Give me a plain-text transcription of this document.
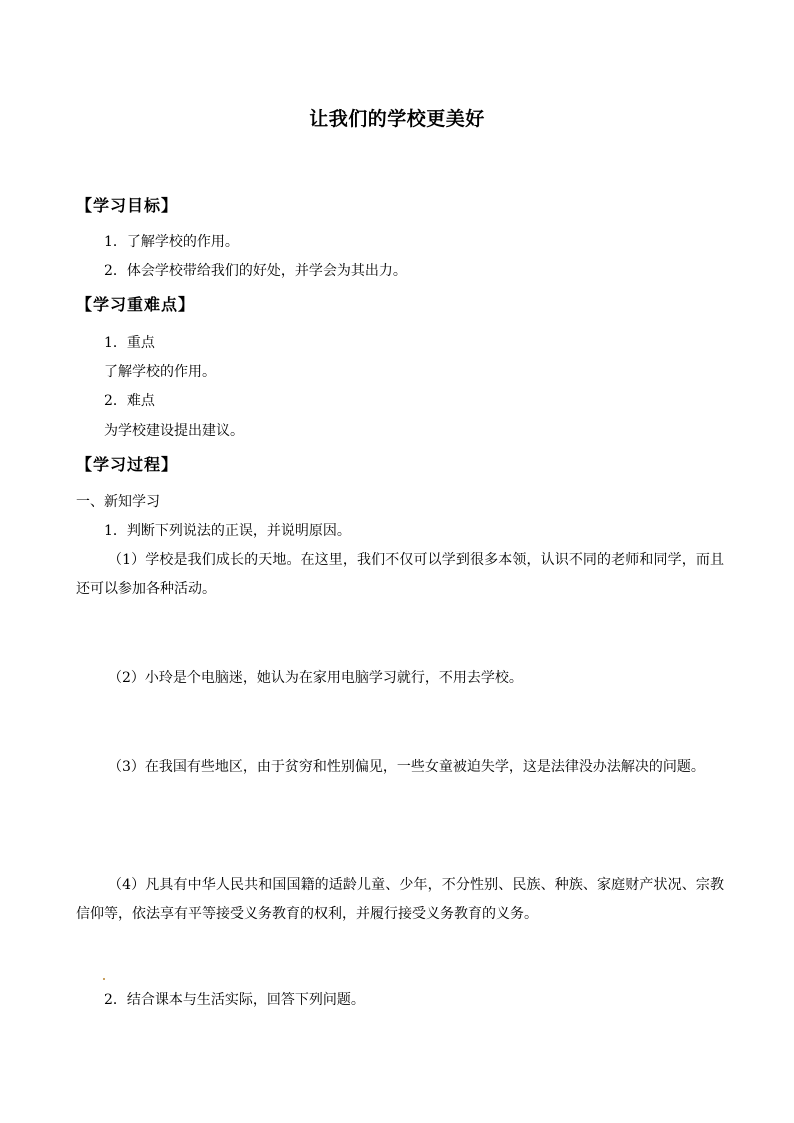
让我们的学校更美好
【学习目标】
1．了解学校的作用。
2．体会学校带给我们的好处，并学会为其出力。
【学习重难点】
1．重点
了解学校的作用。
2．难点
为学校建设提出建议。
【学习过程】
一、新知学习
1．判断下列说法的正误，并说明原因。
（1）学校是我们成长的天地。在这里，我们不仅可以学到很多本领，认识不同的老师和同学，而且还可以参加各种活动。
（2）小玲是个电脑迷，她认为在家用电脑学习就行，不用去学校。
（3）在我国有些地区，由于贫穷和性别偏见，一些女童被迫失学，这是法律没办法解决的问题。
（4）凡具有中华人民共和国国籍的适龄儿童、少年，不分性别、民族、种族、家庭财产状况、宗教信仰等，依法享有平等接受义务教育的权利，并履行接受义务教育的义务。
2．结合课本与生活实际，回答下列问题。
